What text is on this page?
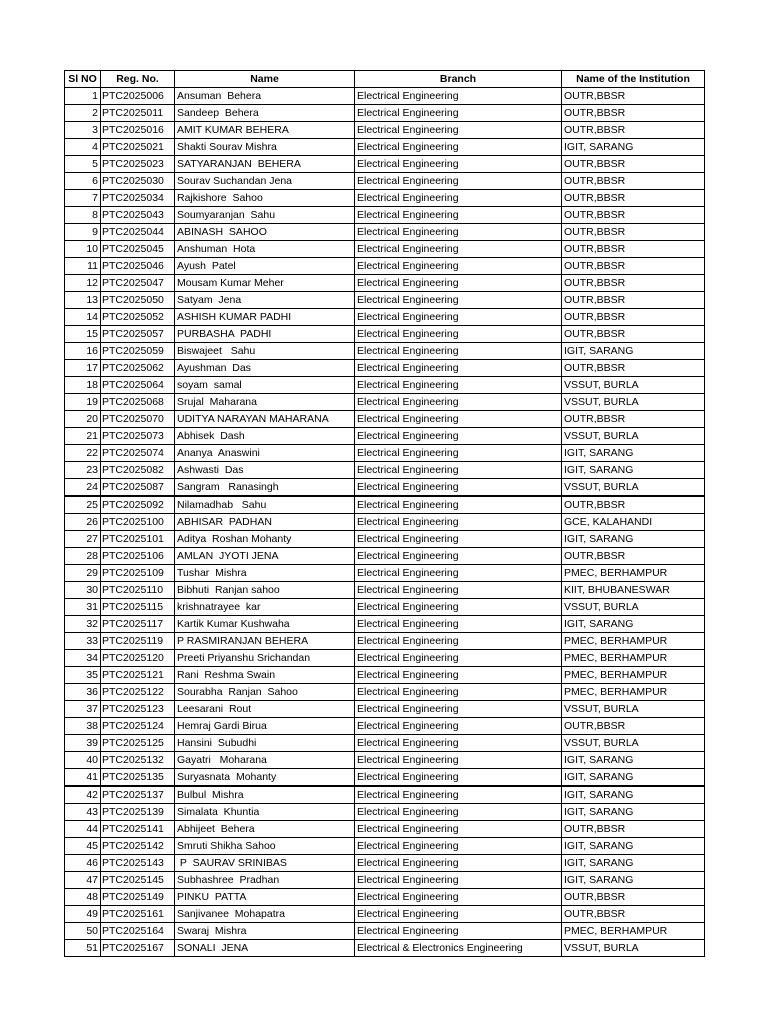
Sl NO	Reg. No.	Name	Branch	Name of the Institution
1	PTC2025006	Ansuman  Behera	Electrical Engineering	OUTR,BBSR
2	PTC2025011	Sandeep  Behera	Electrical Engineering	OUTR,BBSR
3	PTC2025016	AMIT KUMAR BEHERA	Electrical Engineering	OUTR,BBSR
4	PTC2025021	Shakti Sourav Mishra	Electrical Engineering	IGIT, SARANG
5	PTC2025023	SATYARANJAN  BEHERA	Electrical Engineering	OUTR,BBSR
6	PTC2025030	Sourav Suchandan Jena	Electrical Engineering	OUTR,BBSR
7	PTC2025034	Rajkishore  Sahoo	Electrical Engineering	OUTR,BBSR
8	PTC2025043	Soumyaranjan  Sahu	Electrical Engineering	OUTR,BBSR
9	PTC2025044	ABINASH  SAHOO	Electrical Engineering	OUTR,BBSR
10	PTC2025045	Anshuman  Hota	Electrical Engineering	OUTR,BBSR
11	PTC2025046	Ayush  Patel	Electrical Engineering	OUTR,BBSR
12	PTC2025047	Mousam Kumar Meher	Electrical Engineering	OUTR,BBSR
13	PTC2025050	Satyam  Jena	Electrical Engineering	OUTR,BBSR
14	PTC2025052	ASHISH KUMAR PADHI	Electrical Engineering	OUTR,BBSR
15	PTC2025057	PURBASHA  PADHI	Electrical Engineering	OUTR,BBSR
16	PTC2025059	Biswajeet   Sahu	Electrical Engineering	IGIT, SARANG
17	PTC2025062	Ayushman  Das	Electrical Engineering	OUTR,BBSR
18	PTC2025064	soyam  samal	Electrical Engineering	VSSUT, BURLA
19	PTC2025068	Srujal  Maharana	Electrical Engineering	VSSUT, BURLA
20	PTC2025070	UDITYA NARAYAN MAHARANA	Electrical Engineering	OUTR,BBSR
21	PTC2025073	Abhisek  Dash	Electrical Engineering	VSSUT, BURLA
22	PTC2025074	Ananya  Anaswini	Electrical Engineering	IGIT, SARANG
23	PTC2025082	Ashwasti  Das	Electrical Engineering	IGIT, SARANG
24	PTC2025087	Sangram   Ranasingh	Electrical Engineering	VSSUT, BURLA
25	PTC2025092	Nilamadhab   Sahu	Electrical Engineering	OUTR,BBSR
26	PTC2025100	ABHISAR  PADHAN	Electrical Engineering	GCE, KALAHANDI
27	PTC2025101	Aditya  Roshan Mohanty	Electrical Engineering	IGIT, SARANG
28	PTC2025106	AMLAN  JYOTI JENA	Electrical Engineering	OUTR,BBSR
29	PTC2025109	Tushar  Mishra	Electrical Engineering	PMEC, BERHAMPUR
30	PTC2025110	Bibhuti  Ranjan sahoo	Electrical Engineering	KIIT, BHUBANESWAR
31	PTC2025115	krishnatrayee  kar	Electrical Engineering	VSSUT, BURLA
32	PTC2025117	Kartik Kumar Kushwaha	Electrical Engineering	IGIT, SARANG
33	PTC2025119	P RASMIRANJAN BEHERA	Electrical Engineering	PMEC, BERHAMPUR
34	PTC2025120	Preeti Priyanshu Srichandan	Electrical Engineering	PMEC, BERHAMPUR
35	PTC2025121	Rani  Reshma Swain	Electrical Engineering	PMEC, BERHAMPUR
36	PTC2025122	Sourabha  Ranjan  Sahoo	Electrical Engineering	PMEC, BERHAMPUR
37	PTC2025123	Leesarani  Rout	Electrical Engineering	VSSUT, BURLA
38	PTC2025124	Hemraj Gardi Birua	Electrical Engineering	OUTR,BBSR
39	PTC2025125	Hansini  Subudhi	Electrical Engineering	VSSUT, BURLA
40	PTC2025132	Gayatri   Moharana	Electrical Engineering	IGIT, SARANG
41	PTC2025135	Suryasnata  Mohanty	Electrical Engineering	IGIT, SARANG
42	PTC2025137	Bulbul  Mishra	Electrical Engineering	IGIT, SARANG
43	PTC2025139	Simalata  Khuntia	Electrical Engineering	IGIT, SARANG
44	PTC2025141	Abhijeet  Behera	Electrical Engineering	OUTR,BBSR
45	PTC2025142	Smruti Shikha Sahoo	Electrical Engineering	IGIT, SARANG
46	PTC2025143	P  SAURAV SRINIBAS	Electrical Engineering	IGIT, SARANG
47	PTC2025145	Subhashree  Pradhan	Electrical Engineering	IGIT, SARANG
48	PTC2025149	PINKU  PATTA	Electrical Engineering	OUTR,BBSR
49	PTC2025161	Sanjivanee  Mohapatra	Electrical Engineering	OUTR,BBSR
50	PTC2025164	Swaraj  Mishra	Electrical Engineering	PMEC, BERHAMPUR
51	PTC2025167	SONALI  JENA	Electrical & Electronics Engineering	VSSUT, BURLA
